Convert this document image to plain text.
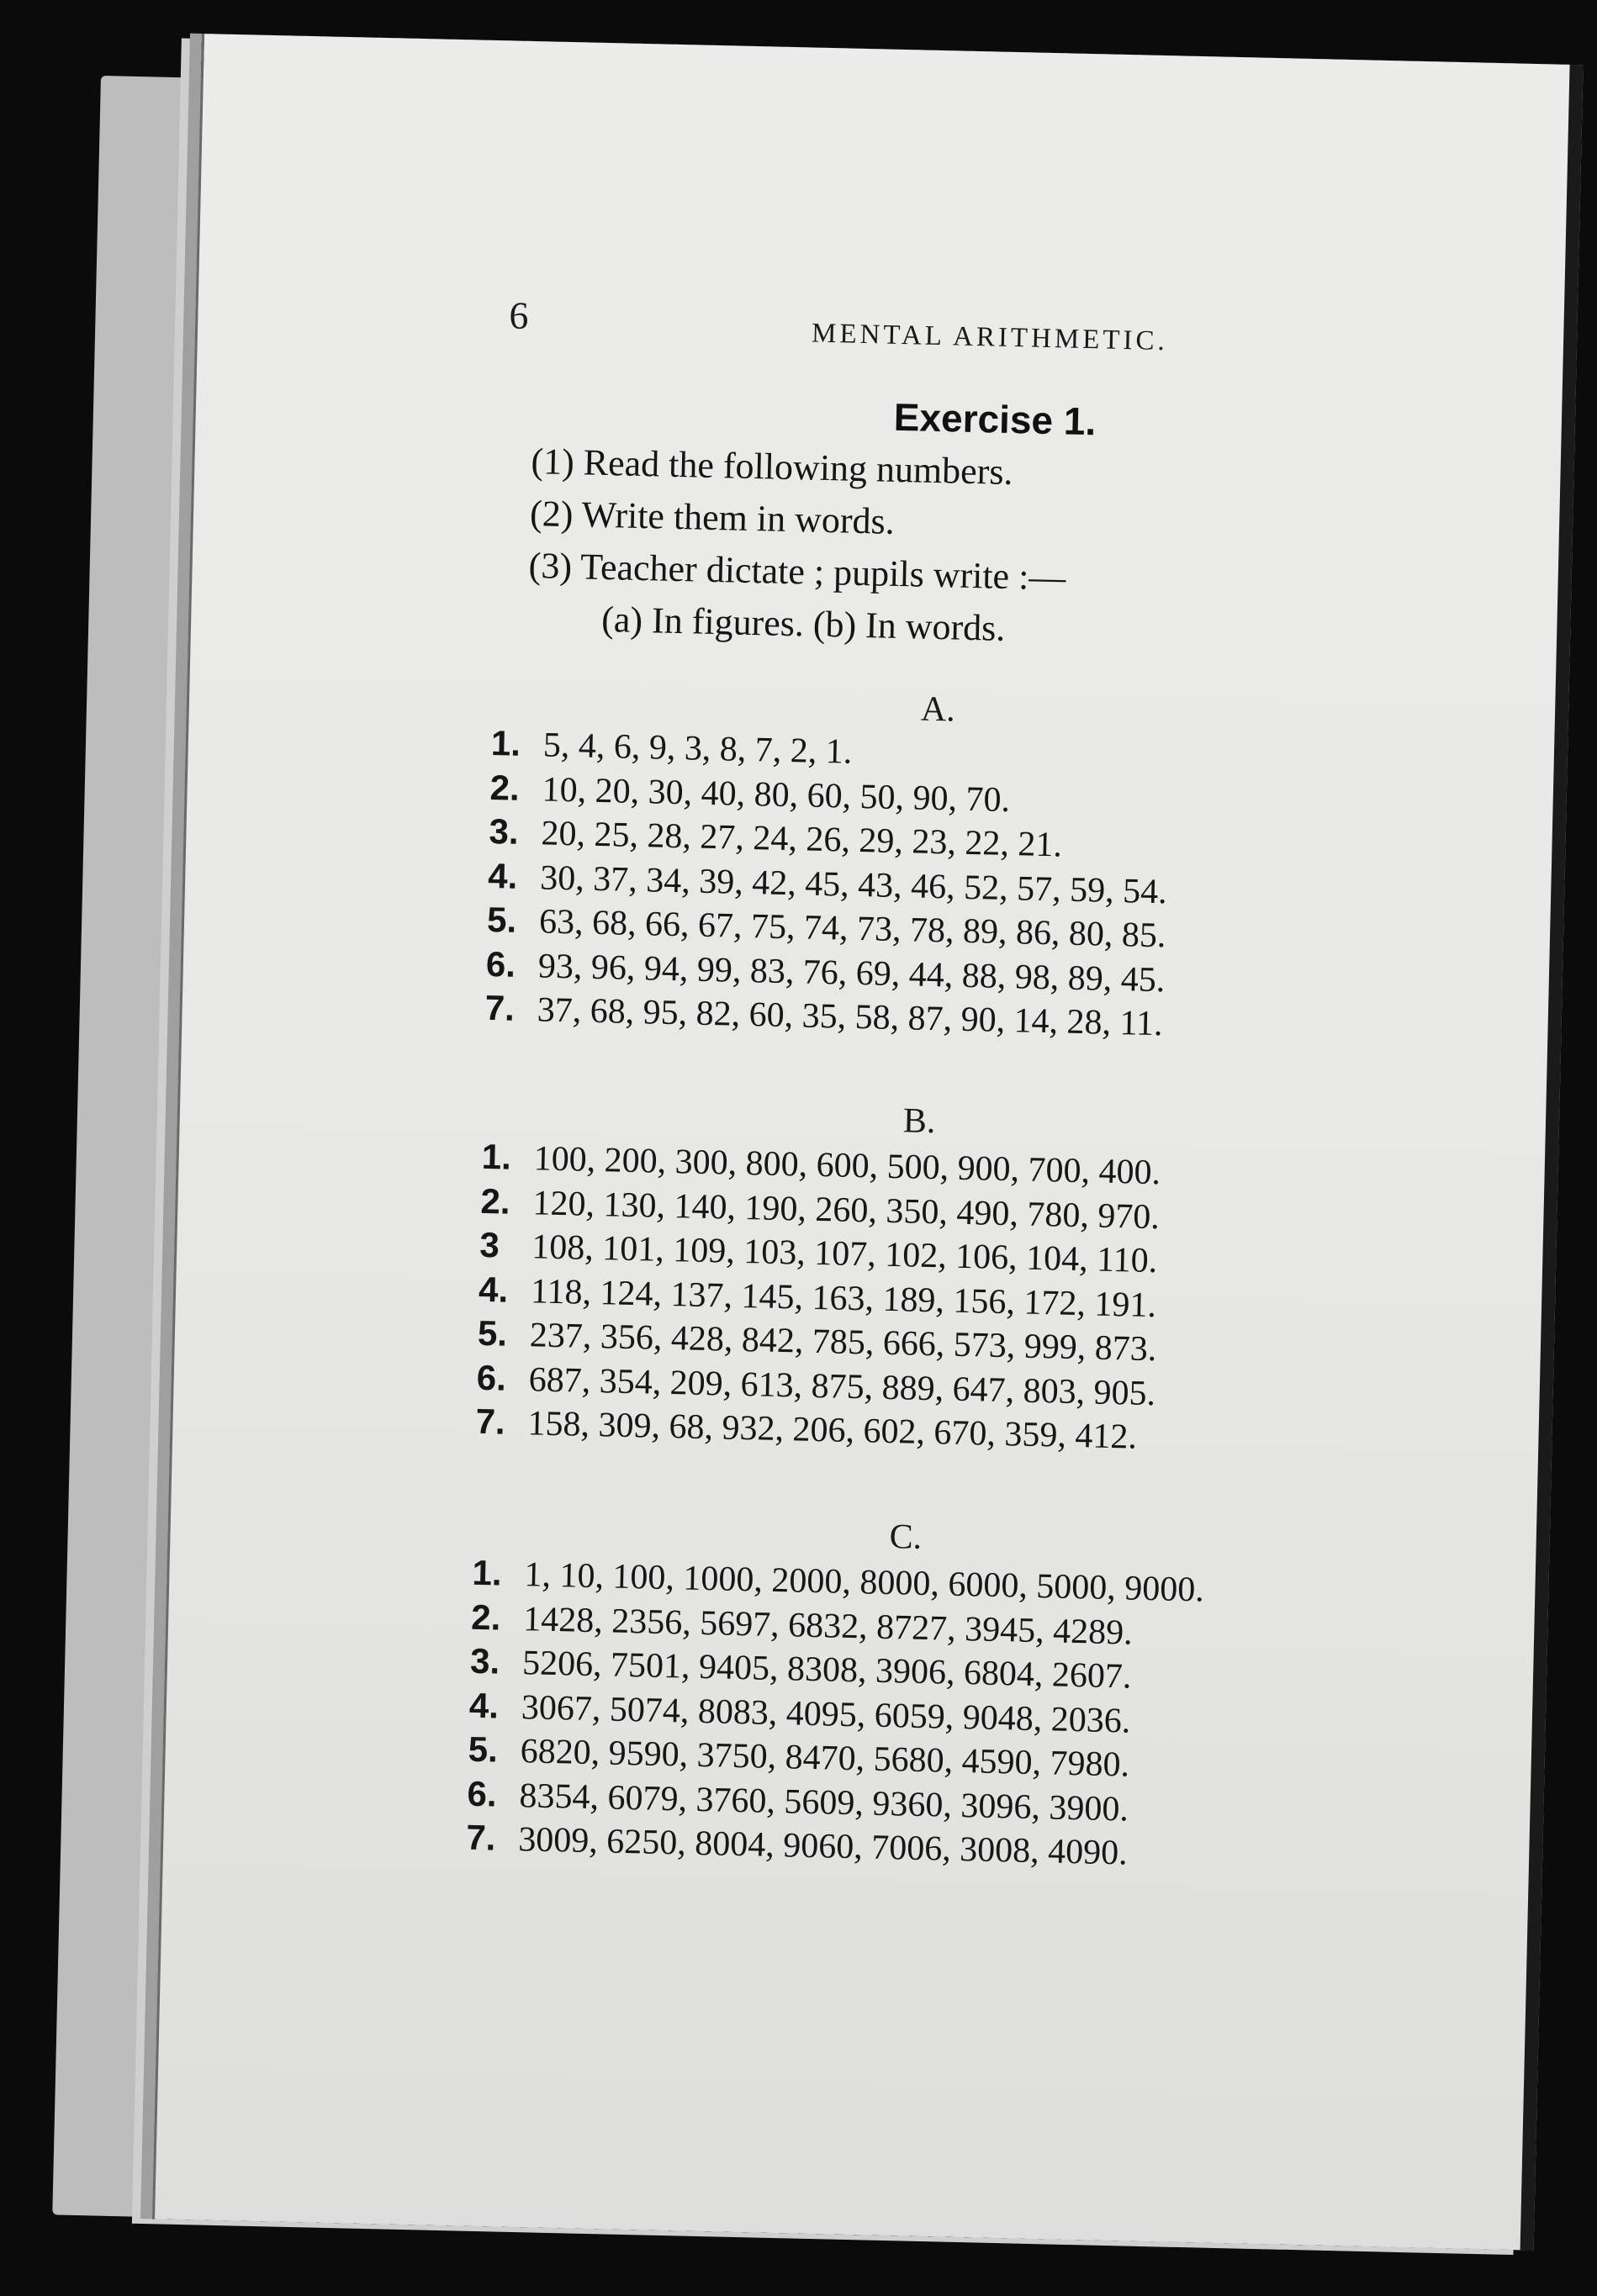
6
MENTAL ARITHMETIC.
Exercise 1.
(1) Read the following numbers.
(2) Write them in words.
(3) Teacher dictate ; pupils write :—
(a) In figures. (b) In words.
A.
1. 5, 4, 6, 9, 3, 8, 7, 2, 1.
2. 10, 20, 30, 40, 80, 60, 50, 90, 70.
3. 20, 25, 28, 27, 24, 26, 29, 23, 22, 21.
4. 30, 37, 34, 39, 42, 45, 43, 46, 52, 57, 59, 54.
5. 63, 68, 66, 67, 75, 74, 73, 78, 89, 86, 80, 85.
6. 93, 96, 94, 99, 83, 76, 69, 44, 88, 98, 89, 45.
7. 37, 68, 95, 82, 60, 35, 58, 87, 90, 14, 28, 11.
B.
1. 100, 200, 300, 800, 600, 500, 900, 700, 400.
2. 120, 130, 140, 190, 260, 350, 490, 780, 970.
3 108, 101, 109, 103, 107, 102, 106, 104, 110.
4. 118, 124, 137, 145, 163, 189, 156, 172, 191.
5. 237, 356, 428, 842, 785, 666, 573, 999, 873.
6. 687, 354, 209, 613, 875, 889, 647, 803, 905.
7. 158, 309, 68, 932, 206, 602, 670, 359, 412.
C.
1. 1, 10, 100, 1000, 2000, 8000, 6000, 5000, 9000.
2. 1428, 2356, 5697, 6832, 8727, 3945, 4289.
3. 5206, 7501, 9405, 8308, 3906, 6804, 2607.
4. 3067, 5074, 8083, 4095, 6059, 9048, 2036.
5. 6820, 9590, 3750, 8470, 5680, 4590, 7980.
6. 8354, 6079, 3760, 5609, 9360, 3096, 3900.
7. 3009, 6250, 8004, 9060, 7006, 3008, 4090.
